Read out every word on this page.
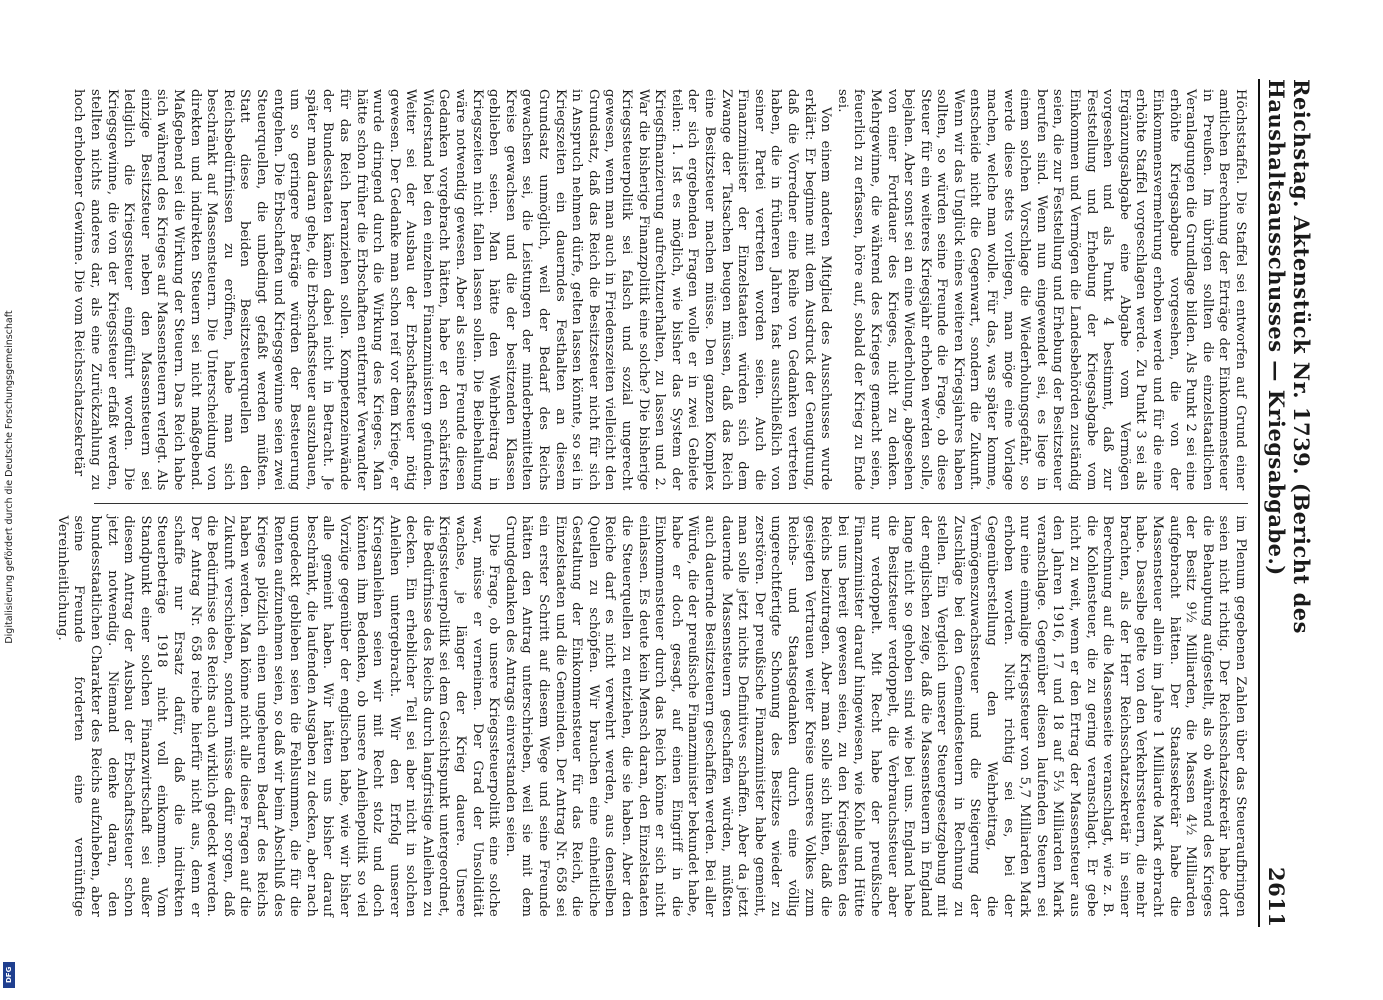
Reichstag. Aktenstück Nr. 1739. (Bericht des Haushaltsausschusses — Kriegsabgabe.)
2611

Höchststaffel. Die Staffel sei entworfen auf Grund einer amtlichen Berechnung der Erträge der Einkommensteuer in Preußen. Im übrigen sollten die einzelstaatlichen Veranlagungen die Grundlage bilden. Als Punkt 2 sei eine erhöhte Kriegsabgabe vorgesehen, die von der Einkommensvermehrung erhoben werde und für die eine erhöhte Staffel vorgeschlagen werde. Zu Punkt 3 sei als Ergänzungsabgabe eine Abgabe vom Vermögen vorgesehen und als Punkt 4 bestimmt, daß zur Feststellung und Erhebung der Kriegsabgabe vom Einkommen und Vermögen die Landesbehörden zuständig seien, die zur Feststellung und Erhebung der Besitzsteuer berufen sind. Wenn nun eingewendet sei, es liege in einem solchen Vorschlage die Wiederholungsgefahr, so werde diese stets vorliegen, man möge eine Vorlage machen, welche man wolle. Für das, was später komme, entscheide nicht die Gegenwart, sondern die Zukunft. Wenn wir das Unglück eines weiteren Kriegsjahres haben sollten, so würden seine Freunde die Frage, ob diese Steuer für ein weiteres Kriegsjahr erhoben werden solle, bejahen. Aber sonst sei an eine Wiederholung, abgesehen von einer Fortdauer des Krieges, nicht zu denken. Mehrgewinne, die während des Krieges gemacht seien, feuerlich zu erfassen, höre auf, sobald der Krieg zu Ende sei.

Von einem anderen Mitglied des Ausschusses wurde erklärt: Er beginne mit dem Ausdruck der Genugtuung, daß die Vorredner eine Reihe von Gedanken vertreten haben, die in früheren Jahren fast ausschließlich von seiner Partei vertreten worden seien. Auch die Finanzminister der Einzelstaaten würden sich dem Zwange der Tatsachen beugen müssen, daß das Reich eine Besitzsteuer machen müsse. Den ganzen Komplex der sich ergebenden Fragen wolle er in zwei Gebiete teilen: 1. Ist es möglich, wie bisher das System der Kriegsfinanzierung aufrechtzuerhalten, zu lassen und 2. War die bisherige Finanzpolitik eine solche? Die bisherige Kriegssteuerpolitik sei falsch und sozial ungerecht gewesen, wenn man auch in Friedenszeiten vielleicht den Grundsatz, daß das Reich die Besitzsteuer nicht für sich in Anspruch nehmen dürfe, gelten lassen könnte, so sei in Kriegszeiten ein dauerndes Festhalten an diesem Grundsatz unmöglich, weil der Bedarf des Reichs gewachsen sei, die Leistungen der minderbemittelten Kreise gewachsen und die der besitzenden Klassen geblieben seien. Man hätte den Wehrbeitrag in Kriegszeiten nicht fallen lassen sollen. Die Beibehaltung wäre notwendig gewesen. Aber als seine Freunde diesen Gedanken vorgebracht hätten, habe er den schärfsten Widerstand bei den einzelnen Finanzministern gefunden. Weiter sei der Ausbau der Erbschaftssteuer nötig gewesen. Der Gedanke man schon reif vor dem Kriege, er wurde dringend durch die Wirkung des Krieges. Man hätte schon früher die Erbschaften entfernter Verwandter für das Reich heranziehen sollen. Kompetenzeinwände der Bundesstaaten kämen dabei nicht in Betracht. Je später man daran gehe, die Erbschaftssteuer auszubauen, um so geringere Beträge würden der Besteuerung entgehen. Die Erbschaften und Kriegsgewinne seien zwei Steuerquellen, die unbedingt gefaßt werden müßten. Statt diese beiden Besitzsteuerquellen den Reichsbedürfnissen zu eröffnen, habe man sich beschränkt auf Massensteuern. Die Unterscheidung von direkten und indirekten Steuern sei nicht maßgebend. Maßgebend sei die Wirkung der Steuern. Das Reich habe sich während des Krieges auf Massensteuern verlegt. Als einzige Besitzsteuer neben den Massensteuern sei lediglich die Kriegssteuer eingeführt worden. Die Kriegsgewinne, die von der Kriegssteuer erfaßt werden, stellten nichts anderes dar, als eine Zurückzahlung zu hoch erhobener Gewinne. Die vom Reichsschatzsekretär

im Plenum gegebenen Zahlen über das Steueraufbringen seien nicht richtig. Der Reichsschatzsekretär habe dort die Behauptung aufgestellt, als ob während des Krieges der Besitz 9½ Milliarden, die Massen 4½ Milliarden aufgebracht hätten. Der Staatssekretär habe die Massensteuer allein im Jahre 1 Milliarde Mark erbracht habe. Dasselbe gelte von den Verkehrssteuern, die mehr brachten, als der Herr Reichsschatzsekretär in seiner Berechnung auf die Massenseite veranschlagt, wie z. B. die Kohlensteuer, die zu gering veranschlagt. Er gebe nicht zu weit, wenn er den Ertrag der Massensteuer aus den Jahren 1916, 17 und 18 auf 5⅓ Milliarden Mark veranschlage. Gegenüber diesen laufenden Steuern sei nur eine einmalige Kriegssteuer von 5,7 Milliarden Mark erhoben worden. Nicht richtig sei es, bei der Gegenüberstellung den Wehrbeitrag, die Vermögenszuwachssteuer und die Steigerung der Zuschläge bei den Gemeindesteuern in Rechnung zu stellen. Ein Vergleich unserer Steuergesetzgebung mit der englischen zeige, daß die Massensteuern in England lange nicht so gehoben sind wie bei uns. England habe die Besitzsteuer verdoppelt, die Verbrauchssteuer aber nur verdoppelt. Mit Recht habe der preußische Finanzminister darauf hingewiesen, wie Kohle und Hütte bei uns bereit gewesen seien, zu den Kriegslasten des Reichs beizutragen. Aber man solle sich hüten, daß die gesiegten Vertrauen weiter Kreise unseres Volkes zum Reichs- und Staatsgedanken durch eine völlig ungerechtfertigte Schonung des Besitzes wieder zu zerstören. Der preußische Finanzminister habe gemeint, man solle jetzt nichts Definitives schaffen. Aber da jetzt dauernde Massensteuern geschaffen würden, müßten auch dauernde Besitzsteuern geschaffen werden. Bei aller Würde, die der preußische Finanzminister bekundet habe, habe er doch gesagt, auf einen Eingriff in die Einkommensteuer durch das Reich könne er sich nicht einlassen. Es deute kein Mensch daran, den Einzelstaaten die Steuerquellen zu entziehen, die sie haben. Aber den Reiche darf es nicht verwehrt werden, aus denselben Quellen zu schöpfen. Wir brauchen eine einheitliche Gestaltung der Einkommensteuer für das Reich, die Einzelstaaten und die Gemeinden. Der Antrag Nr. 658 sei ein erster Schritt auf diesem Wege und seine Freunde hätten den Antrag unterschrieben, weil sie mit dem Grundgedanken des Antrags einverstanden seien.

Die Frage, ob unsere Kriegssteuerpolitik eine solche war, müsse er verneinen. Der Grad der Unsolidität wachse, je länger der Krieg dauere. Unsere Kriegssteuerpolitik sei dem Gesichtspunkt untergeordnet, die Bedürfnisse des Reichs durch langfristige Anleihen zu decken. Ein erheblicher Teil sei aber nicht in solchen Anleihen untergebracht. Wir den Erfolg unserer Kriegsanleihen seien wir mit Recht stolz und doch könnten ihm Bedenken, ob unsere Anleihepolitik so viel Vorzüge gegenüber der englischen habe, wie wir bisher alle gemeint haben. Wir hätten uns bisher darauf beschränkt, die laufenden Ausgaben zu decken, aber nach ungedeckt geblieben seien die Fehlsummen, die für die Renten aufzunehmen seien, so daß wir beim Abschluß des Krieges plötzlich einen ungeheuren Bedarf des Reichs haben werden. Man könne nicht alle diese Fragen auf die Zukunft verschieben, sondern müsse dafür sorgen, daß die Bedürfnisse des Reichs auch wirklich gedeckt werden. Der Antrag Nr. 658 reiche hierfür nicht aus, denn er schaffe nur Ersatz dafür, daß die indirekten Steuerbeträge 1918 nicht voll einkommen. Vom Standpunkt einer solchen Finanzwirtschaft sei außer diesem Antrag der Ausbau der Erbschaftssteuer schon jetzt notwendig. Niemand denke daran, den bundesstaatlichen Charakter des Reichs aufzuheben, aber seine Freunde forderten eine vernünftige Vereinheitlichung.

Digitalisierung gefördert durch die Deutsche Forschungsgemeinschaft
DFG
